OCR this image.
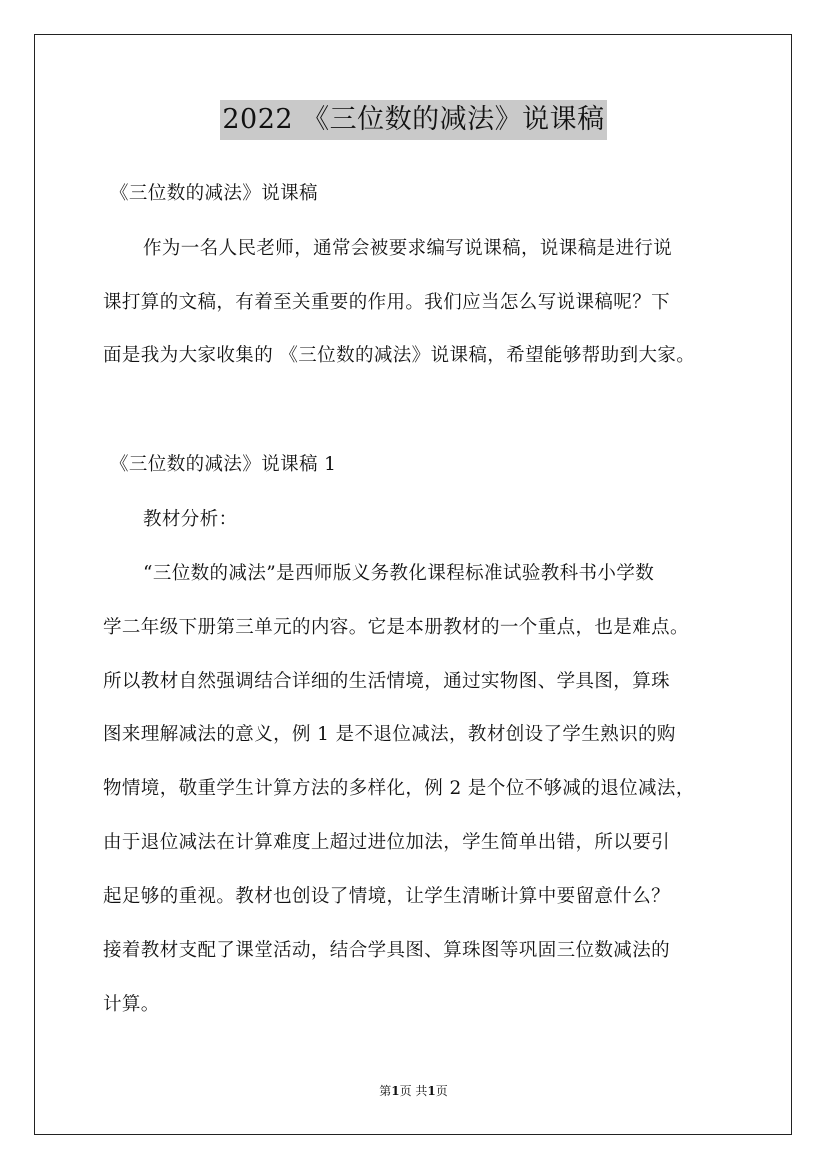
2022 《三位数的减法》说课稿
《三位数的减法》说课稿
作为一名人民老师，通常会被要求编写说课稿，说课稿是进行说
课打算的文稿，有着至关重要的作用。我们应当怎么写说课稿呢？下
面是我为大家收集的 《三位数的减法》说课稿，希望能够帮助到大家。
《三位数的减法》说课稿 1
教材分析：
“三位数的减法”是西师版义务教化课程标准试验教科书小学数
学二年级下册第三单元的内容。它是本册教材的一个重点，也是难点。
所以教材自然强调结合详细的生活情境，通过实物图、学具图，算珠
图来理解减法的意义，例 1 是不退位减法，教材创设了学生熟识的购
物情境，敬重学生计算方法的多样化，例 2 是个位不够减的退位减法，
由于退位减法在计算难度上超过进位加法，学生简单出错，所以要引
起足够的重视。教材也创设了情境，让学生清晰计算中要留意什么？
接着教材支配了课堂活动，结合学具图、算珠图等巩固三位数减法的
计算。
第1页 共1页
